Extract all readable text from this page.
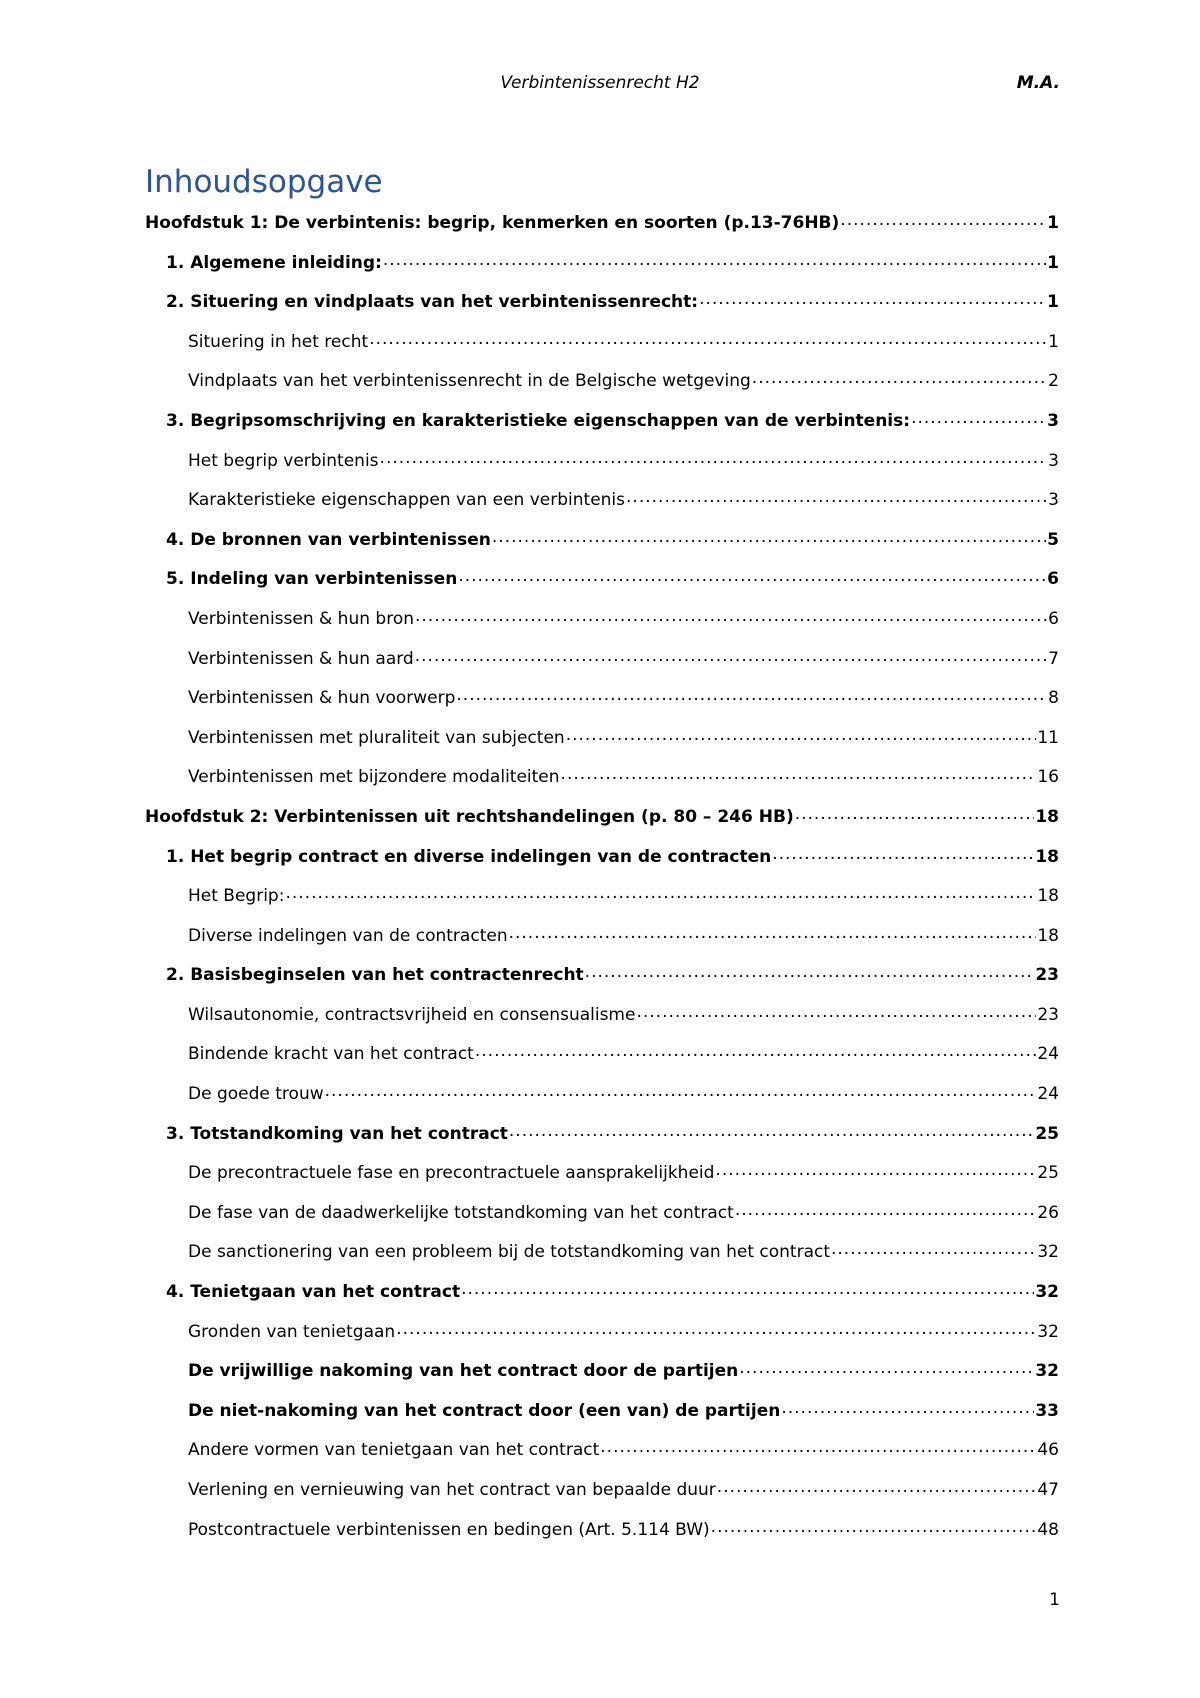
Verbintenissenrecht H2	M.A.
Inhoudsopgave
Hoofdstuk 1: De verbintenis: begrip, kenmerken en soorten (p.13-76HB) .....	1
1. Algemene inleiding: .....	1
2. Situering en vindplaats van het verbintenissenrecht: .....	1
Situering in het recht .....	1
Vindplaats van het verbintenissenrecht in de Belgische wetgeving .....	2
3. Begripsomschrijving en karakteristieke eigenschappen van de verbintenis: .....	3
Het begrip verbintenis .....	3
Karakteristieke eigenschappen van een verbintenis .....	3
4. De bronnen van verbintenissen .....	5
5. Indeling van verbintenissen .....	6
Verbintenissen & hun bron .....	6
Verbintenissen & hun aard .....	7
Verbintenissen & hun voorwerp .....	8
Verbintenissen met pluraliteit van subjecten .....	11
Verbintenissen met bijzondere modaliteiten .....	16
Hoofdstuk 2: Verbintenissen uit rechtshandelingen (p. 80 – 246 HB) .....	18
1. Het begrip contract en diverse indelingen van de contracten .....	18
Het Begrip: .....	18
Diverse indelingen van de contracten .....	18
2. Basisbeginselen van het contractenrecht .....	23
Wilsautonomie, contractsvrijheid en consensualisme .....	23
Bindende kracht van het contract .....	24
De goede trouw .....	24
3. Totstandkoming van het contract .....	25
De precontractuele fase en precontractuele aansprakelijkheid .....	25
De fase van de daadwerkelijke totstandkoming van het contract .....	26
De sanctionering van een probleem bij de totstandkoming van het contract .....	32
4. Tenietgaan van het contract .....	32
Gronden van tenietgaan .....	32
De vrijwillige nakoming van het contract door de partijen .....	32
De niet-nakoming van het contract door (een van) de partijen .....	33
Andere vormen van tenietgaan van het contract .....	46
Verlening en vernieuwing van het contract van bepaalde duur .....	47
Postcontractuele verbintenissen en bedingen (Art. 5.114 BW) .....	48
1
